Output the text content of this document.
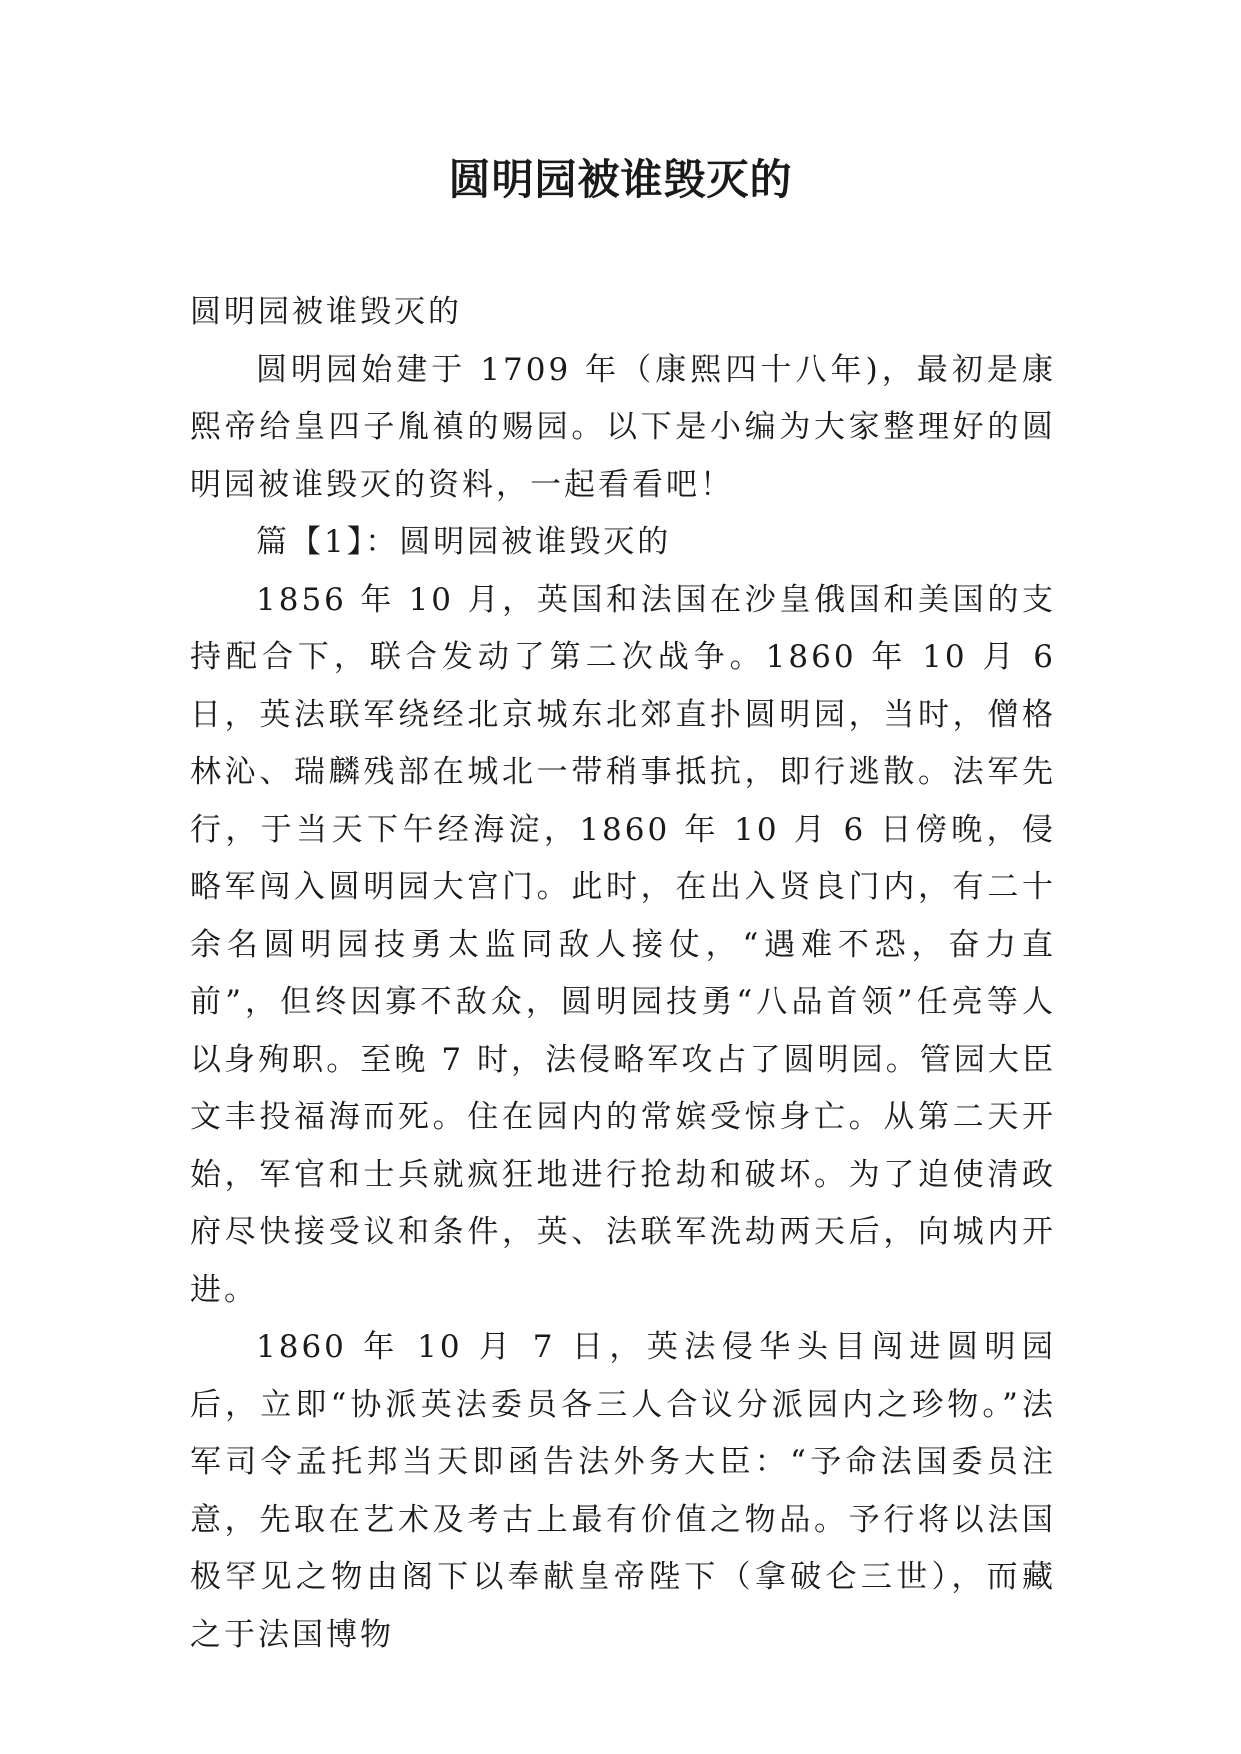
圆明园被谁毁灭的

圆明园被谁毁灭的

圆明园始建于 1709 年（康熙四十八年)，最初是康熙帝给皇四子胤禛的赐园。以下是小编为大家整理好的圆明园被谁毁灭的资料，一起看看吧！

篇【1】：圆明园被谁毁灭的

1856 年 10 月，英国和法国在沙皇俄国和美国的支持配合下，联合发动了第二次战争。1860 年 10 月 6 日，英法联军绕经北京城东北郊直扑圆明园，当时，僧格林沁、瑞麟残部在城北一带稍事抵抗，即行逃散。法军先行，于当天下午经海淀，1860 年 10 月 6 日傍晚，侵略军闯入圆明园大宫门。此时，在出入贤良门内，有二十余名圆明园技勇太监同敌人接仗，“遇难不恐，奋力直前”，但终因寡不敌众，圆明园技勇“八品首领”任亮等人以身殉职。至晚 7 时，法侵略军攻占了圆明园。管园大臣文丰投福海而死。住在园内的常嫔受惊身亡。从第二天开始，军官和士兵就疯狂地进行抢劫和破坏。为了迫使清政府尽快接受议和条件，英、法联军洗劫两天后，向城内开进。

1860 年 10 月 7 日，英法侵华头目闯进圆明园后，立即“协派英法委员各三人合议分派园内之珍物。”法军司令孟托邦当天即函告法外务大臣：“予命法国委员注意，先取在艺术及考古上最有价值之物品。予行将以法国极罕见之物由阁下以奉献皇帝陛下（拿破仑三世），而藏之于法国博物
